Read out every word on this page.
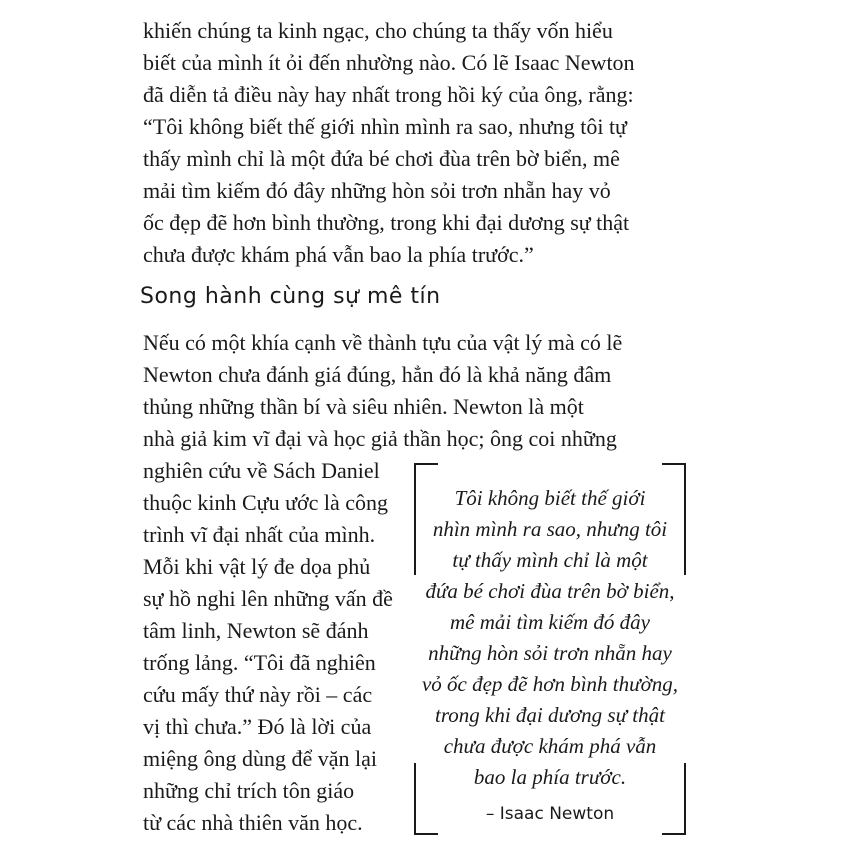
khiến chúng ta kinh ngạc, cho chúng ta thấy vốn hiểu

biết của mình ít ỏi đến nhường nào. Có lẽ Isaac Newton

đã diễn tả điều này hay nhất trong hồi ký của ông, rằng:

“Tôi không biết thế giới nhìn mình ra sao, nhưng tôi tự

thấy mình chỉ là một đứa bé chơi đùa trên bờ biển, mê

mải tìm kiếm đó đây những hòn sỏi trơn nhẵn hay vỏ

ốc đẹp đẽ hơn bình thường, trong khi đại dương sự thật

chưa được khám phá vẫn bao la phía trước.”

Song hành cùng sự mê tín

Nếu có một khía cạnh về thành tựu của vật lý mà có lẽ

Newton chưa đánh giá đúng, hẳn đó là khả năng đâm

thủng những thần bí và siêu nhiên. Newton là một

nhà giả kim vĩ đại và học giả thần học; ông coi những

nghiên cứu về Sách Daniel

thuộc kinh Cựu ước là công

trình vĩ đại nhất của mình.

Mỗi khi vật lý đe dọa phủ

sự hồ nghi lên những vấn đề

tâm linh, Newton sẽ đánh

trống lảng. “Tôi đã nghiên

cứu mấy thứ này rồi – các

vị thì chưa.” Đó là lời của

miệng ông dùng để vặn lại

những chỉ trích tôn giáo

từ các nhà thiên văn học.

Tôi không biết thế giới

nhìn mình ra sao, nhưng tôi

tự thấy mình chỉ là một

đứa bé chơi đùa trên bờ biển,

mê mải tìm kiếm đó đây

những hòn sỏi trơn nhẵn hay

vỏ ốc đẹp đẽ hơn bình thường,

trong khi đại dương sự thật

chưa được khám phá vẫn

bao la phía trước.

– Isaac Newton
